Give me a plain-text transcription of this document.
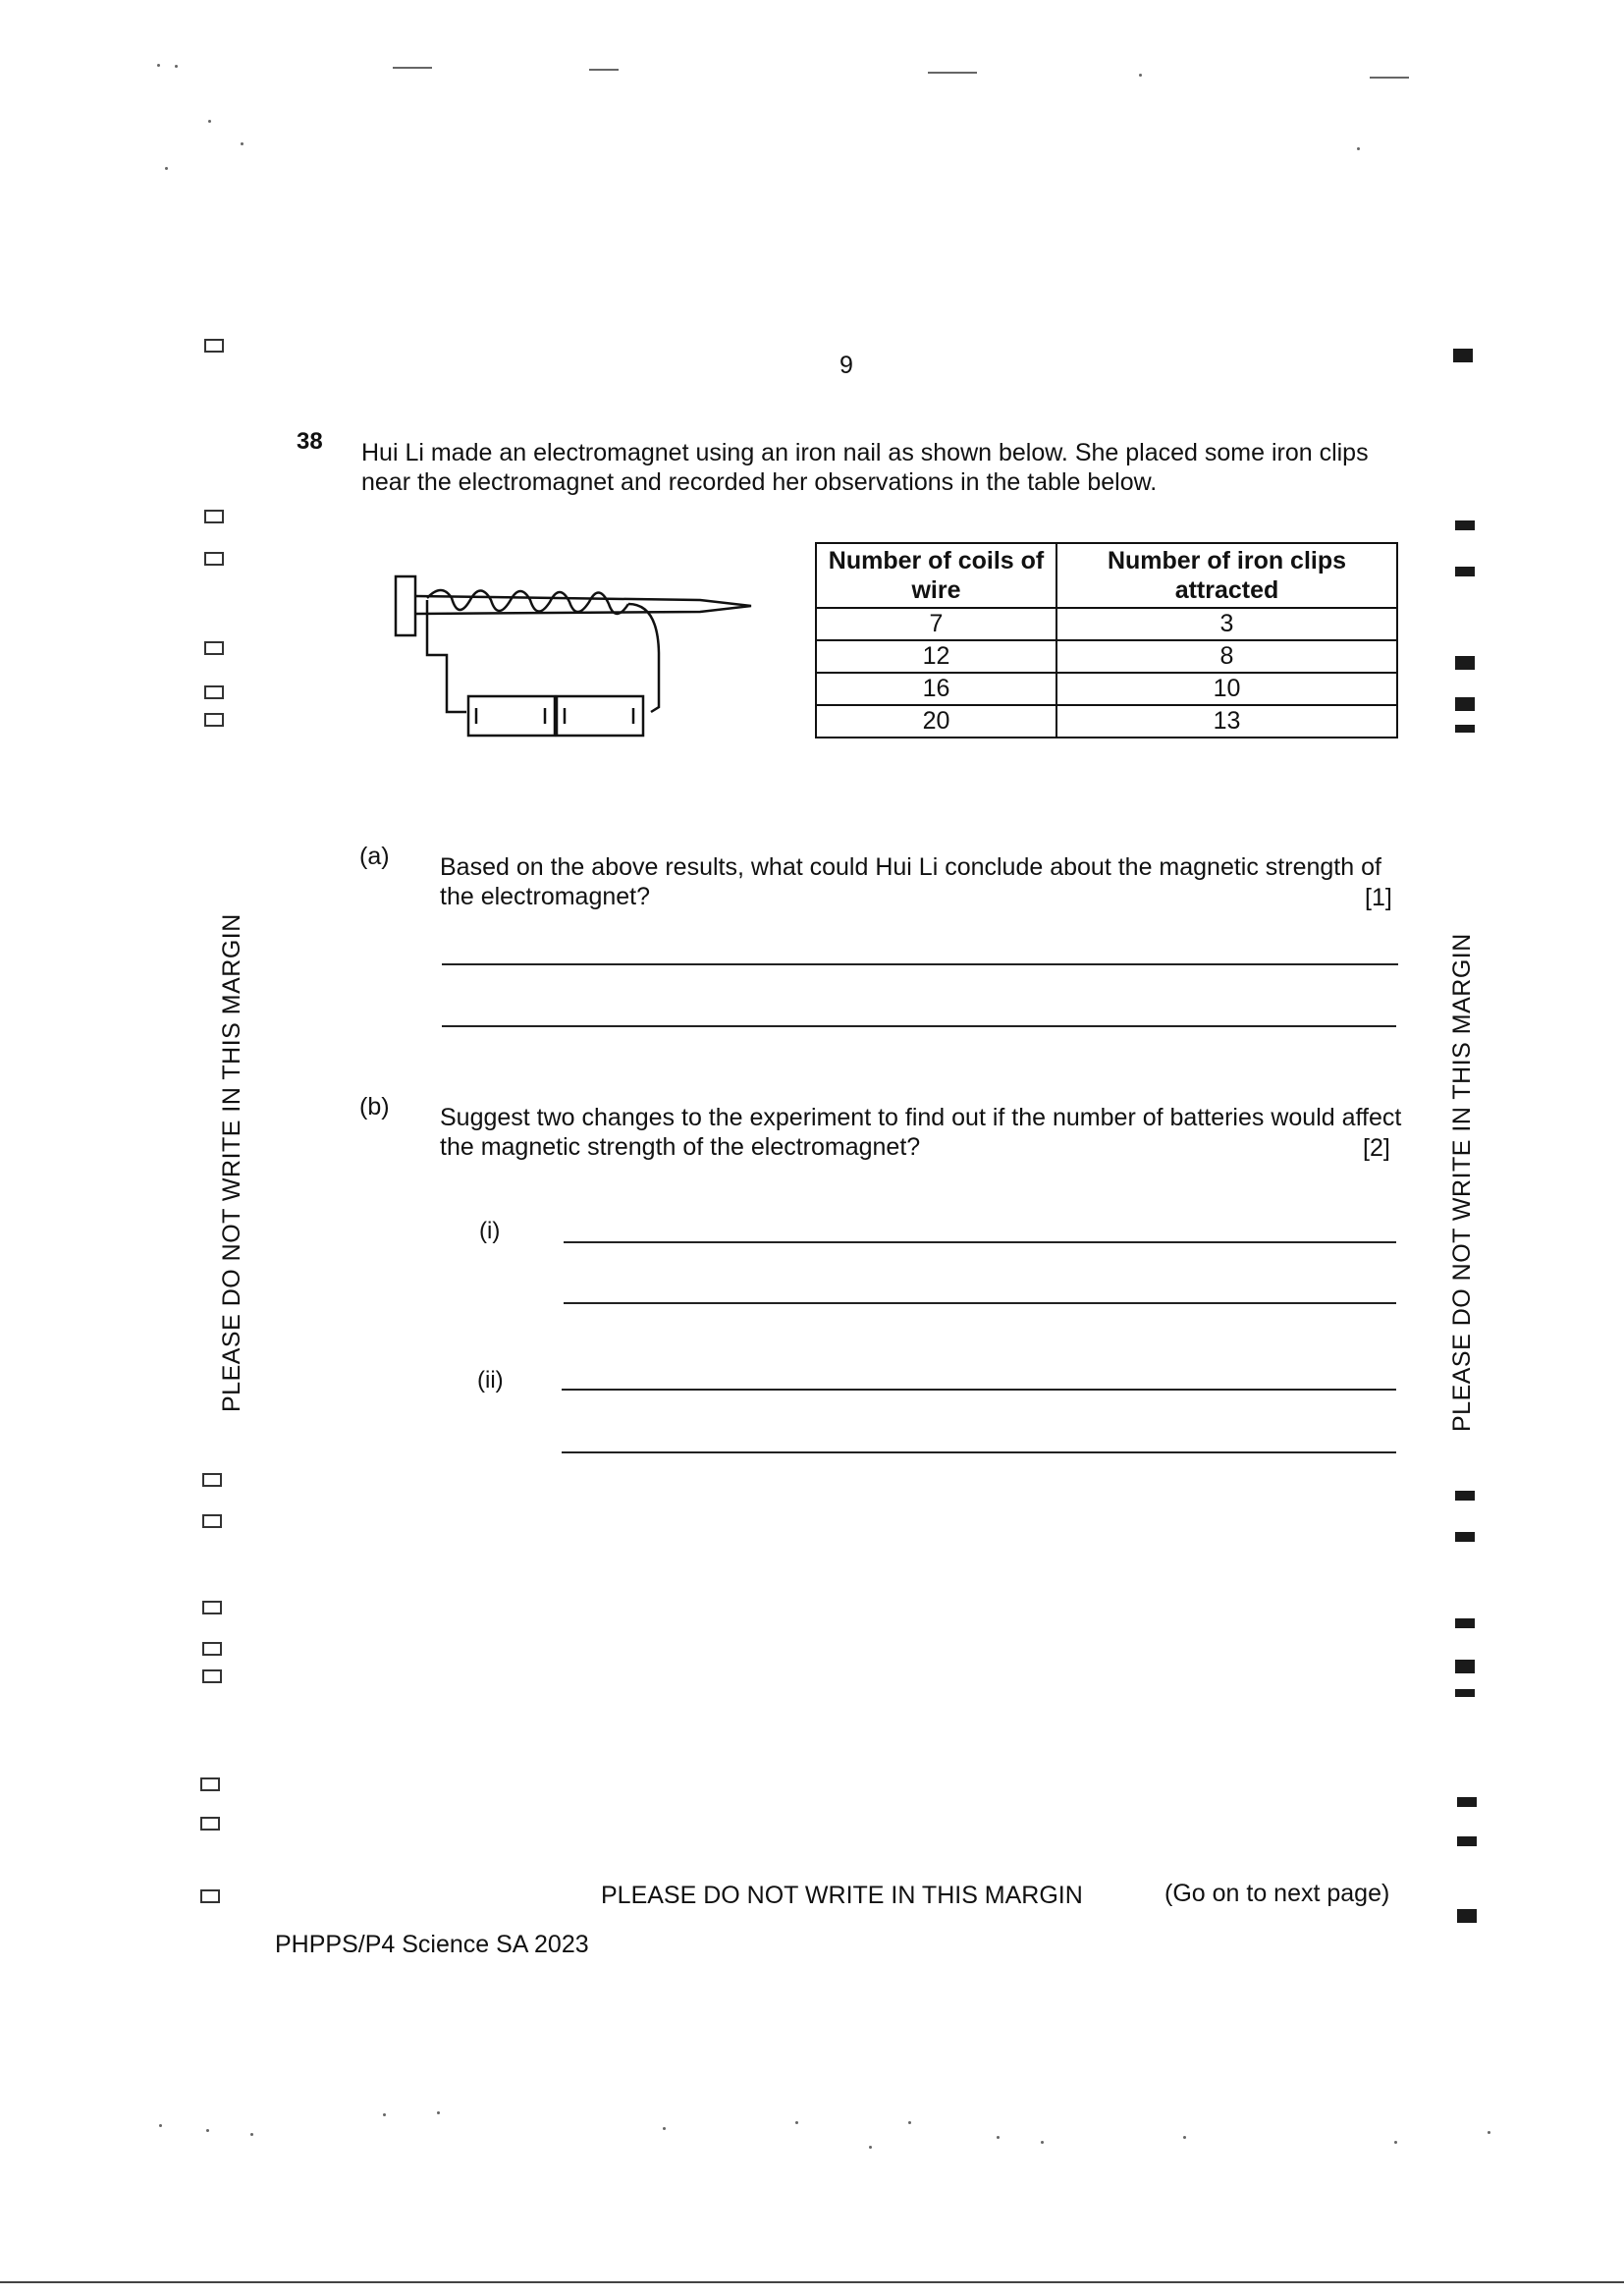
9
38 Hui Li made an electromagnet using an iron nail as shown below. She placed some iron clips near the electromagnet and recorded her observations in the table below.
Number of coils of wire	Number of iron clips attracted
7	3
12	8
16	10
20	13
(a) Based on the above results, what could Hui Li conclude about the magnetic strength of the electromagnet?	[1]
(b) Suggest two changes to the experiment to find out if the number of batteries would affect the magnetic strength of the electromagnet?	[2]
(i)
(ii)
PLEASE DO NOT WRITE IN THIS MARGIN	PLEASE DO NOT WRITE IN THIS MARGIN
PLEASE DO NOT WRITE IN THIS MARGIN	(Go on to next page)
PHPPS/P4 Science SA 2023
